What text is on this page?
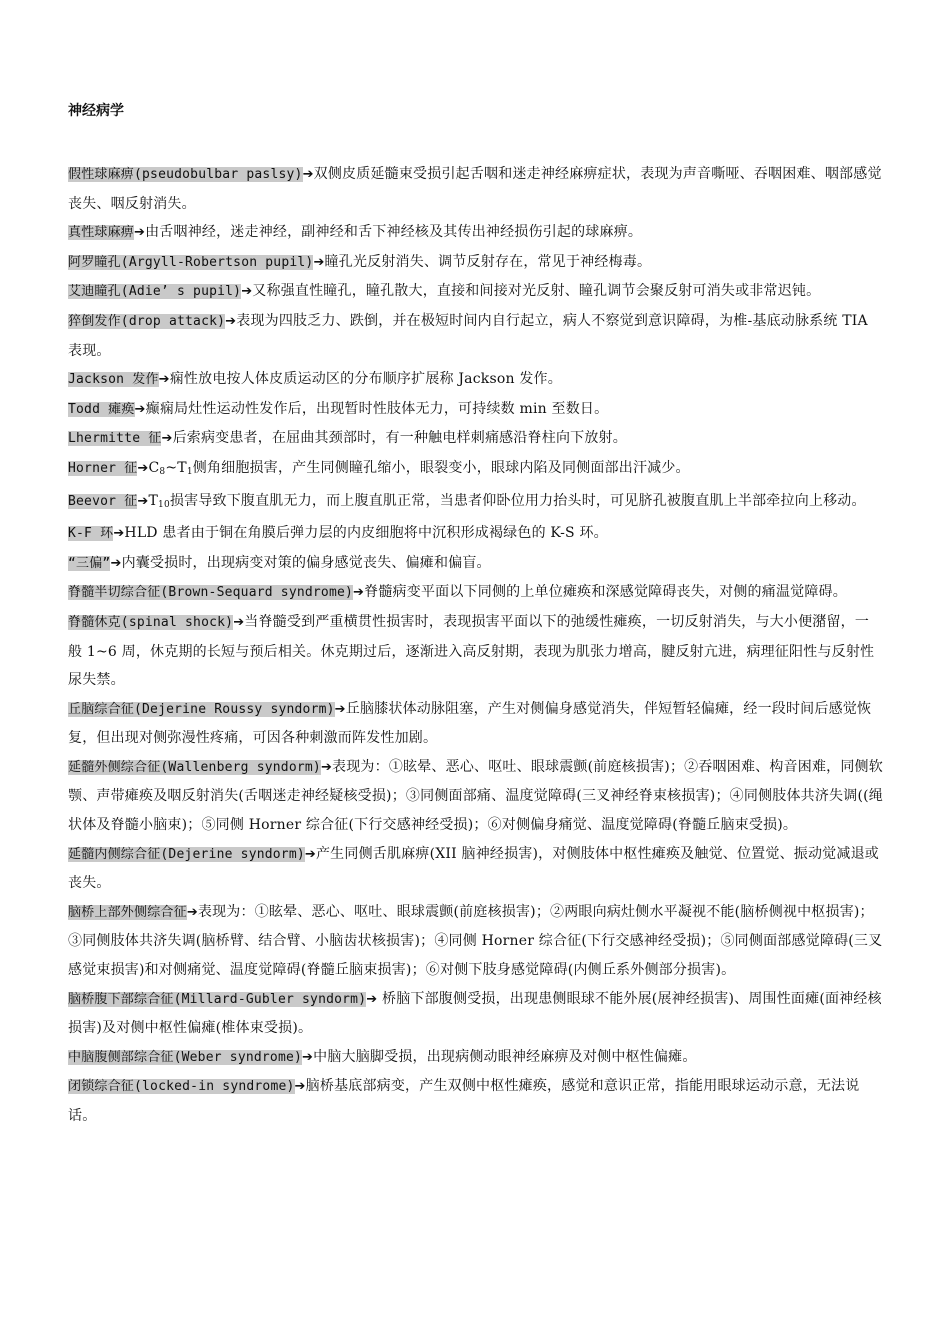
神经病学

假性球麻痹(pseudobulbar paslsy)➔双侧皮质延髓束受损引起舌咽和迷走神经麻痹症状，表现为声音嘶哑、吞咽困难、咽部感觉丧失、咽反射消失。

真性球麻痹➔由舌咽神经，迷走神经，副神经和舌下神经核及其传出神经损伤引起的球麻痹。

阿罗瞳孔(Argyll-Robertson pupil)➔瞳孔光反射消失、调节反射存在，常见于神经梅毒。

艾迪瞳孔(Adie’ s pupil)➔又称强直性瞳孔，瞳孔散大，直接和间接对光反射、瞳孔调节会聚反射可消失或非常迟钝。

猝倒发作(drop attack)➔表现为四肢乏力、跌倒，并在极短时间内自行起立，病人不察觉到意识障碍，为椎-基底动脉系统 TIA 表现。

Jackson 发作➔痫性放电按人体皮质运动区的分布顺序扩展称 Jackson 发作。

Todd 瘫痪➔癫痫局灶性运动性发作后，出现暂时性肢体无力，可持续数 min 至数日。

Lhermitte 征➔后索病变患者，在屈曲其颈部时，有一种触电样刺痛感沿脊柱向下放射。

Horner 征$➔C_8\sim T_1$侧角细胞损害，产生同侧瞳孔缩小，眼裂变小，眼球内陷及同侧面部出汗减少。

Beevor 征$➔T_{10}$损害导致下腹直肌无力，而上腹直肌正常，当患者仰卧位用力抬头时，可见脐孔被腹直肌上半部牵拉向上移动。

K-F 环➔HLD 患者由于铜在角膜后弹力层的内皮细胞将中沉积形成褐绿色的 K-S 环。

“三偏”➔内囊受损时，出现病变对策的偏身感觉丧失、偏瘫和偏盲。

脊髓半切综合征(Brown-Sequard syndrome)➔脊髓病变平面以下同侧的上单位瘫痪和深感觉障碍丧失，对侧的痛温觉障碍。

脊髓休克(spinal shock)➔当脊髓受到严重横贯性损害时，表现损害平面以下的弛缓性瘫痪，一切反射消失，与大小便潴留，一般 1~6 周，休克期的长短与预后相关。休克期过后，逐渐进入高反射期，表现为肌张力增高，腱反射亢进，病理征阳性与反射性尿失禁。

丘脑综合征(Dejerine Roussy syndorm)➔丘脑膝状体动脉阻塞，产生对侧偏身感觉消失，伴短暂轻偏瘫，经一段时间后感觉恢复，但出现对侧弥漫性疼痛，可因各种刺激而阵发性加剧。

延髓外侧综合征(Wallenberg syndorm)➔表现为：①眩晕、恶心、呕吐、眼球震颤(前庭核损害)；②吞咽困难、构音困难，同侧软颚、声带瘫痪及咽反射消失(舌咽迷走神经疑核受损)；③同侧面部痛、温度觉障碍(三叉神经脊束核损害)；④同侧肢体共济失调((绳状体及脊髓小脑束)；⑤同侧 Horner 综合征(下行交感神经受损)；⑥对侧偏身痛觉、温度觉障碍(脊髓丘脑束受损)。

延髓内侧综合征(Dejerine syndorm)➔产生同侧舌肌麻痹(XII 脑神经损害)，对侧肢体中枢性瘫痪及触觉、位置觉、振动觉减退或丧失。

脑桥上部外侧综合征➔表现为：①眩晕、恶心、呕吐、眼球震颤(前庭核损害)；②两眼向病灶侧水平凝视不能(脑桥侧视中枢损害)；③同侧肢体共济失调(脑桥臂、结合臂、小脑齿状核损害)；④同侧 Horner 综合征(下行交感神经受损)；⑤同侧面部感觉障碍(三叉感觉束损害)和对侧痛觉、温度觉障碍(脊髓丘脑束损害)；⑥对侧下肢身感觉障碍(内侧丘系外侧部分损害)。

脑桥腹下部综合征(Millard-Gubler syndorm)➔ 桥脑下部腹侧受损，出现患侧眼球不能外展(展神经损害)、周围性面瘫(面神经核损害)及对侧中枢性偏瘫(椎体束受损)。

中脑腹侧部综合征(Weber syndrome)➔中脑大脑脚受损，出现病侧动眼神经麻痹及对侧中枢性偏瘫。

闭锁综合征(locked-in syndrome)➔脑桥基底部病变，产生双侧中枢性瘫痪，感觉和意识正常，指能用眼球运动示意，无法说话。
